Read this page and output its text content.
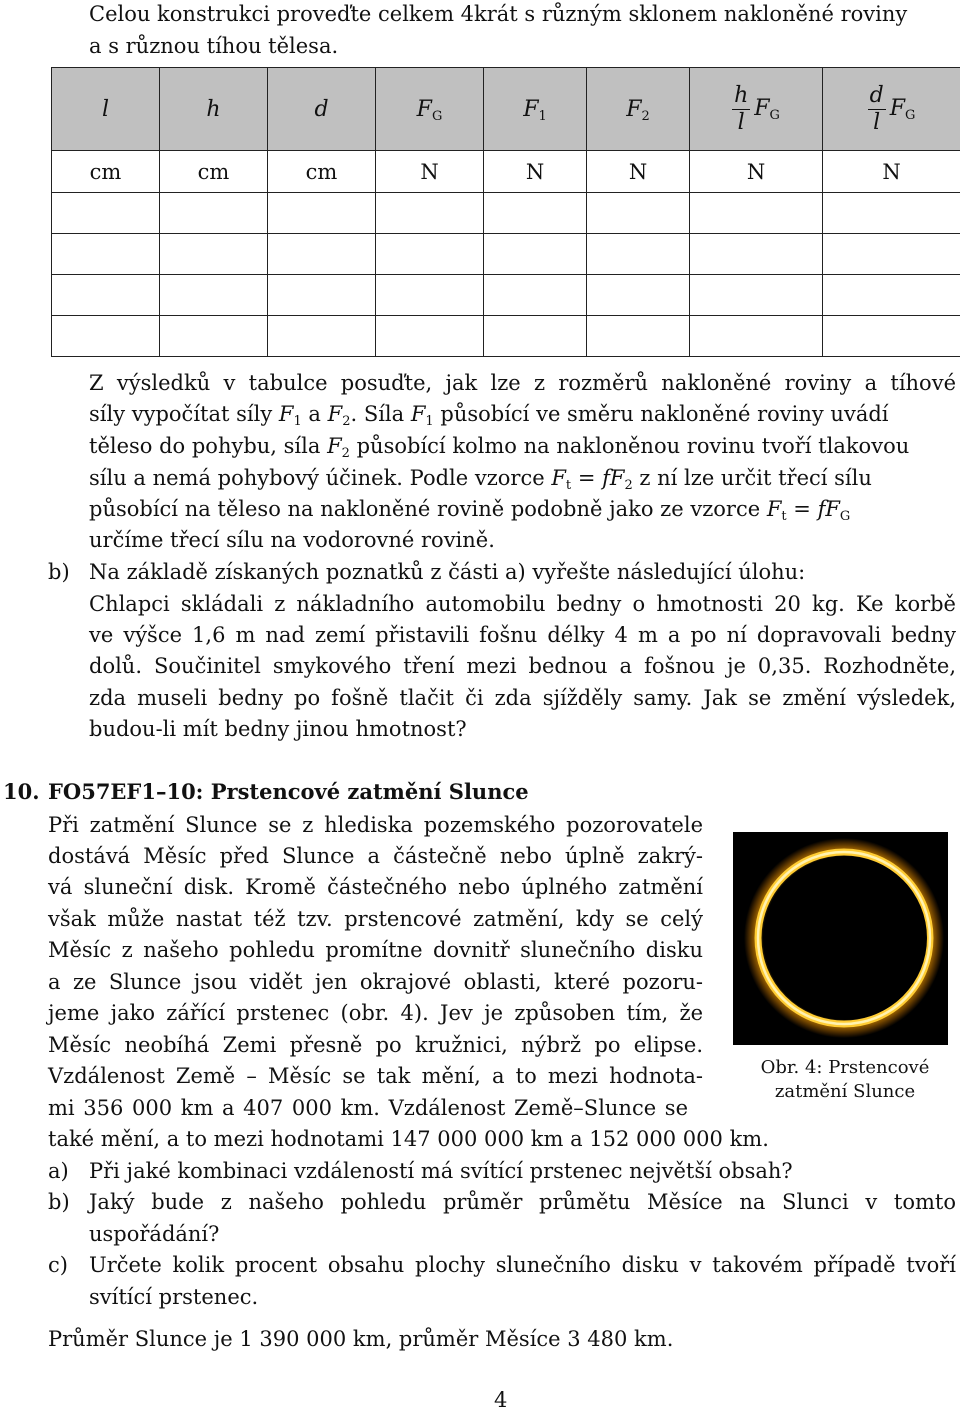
Celou konstrukci proveďte celkem 4krát s různým sklonem nakloněné roviny
a s různou tíhou tělesa.
l	h	d	$F_G$	$F_1$	$F_2$	$\frac{h}{l} F_G$	$\frac{d}{l} F_G$
cm	cm	cm	N	N	N	N	N

Z výsledků v tabulce posuďte, jak lze z rozměrů nakloněné roviny a tíhové
síly vypočítat síly $F_1$ a $F_2$. Síla $F_1$ působící ve směru nakloněné roviny uvádí
těleso do pohybu, síla $F_2$ působící kolmo na nakloněnou rovinu tvoří tlakovou
sílu a nemá pohybový účinek. Podle vzorce $F_t = fF_2$ z ní lze určit třecí sílu
působící na těleso na nakloněné rovině podobně jako ze vzorce $F_t = fF_G$
určíme třecí sílu na vodorovné rovině.
b) Na základě získaných poznatků z části a) vyřešte následující úlohu:
Chlapci skládali z nákladního automobilu bedny o hmotnosti 20 kg. Ke korbě
ve výšce 1,6 m nad zemí přistavili fošnu délky 4 m a po ní dopravovali bedny
dolů. Součinitel smykového tření mezi bednou a fošnou je 0,35. Rozhodněte,
zda museli bedny po fošně tlačit či zda sjížděly samy. Jak se změní výsledek,
budou-li mít bedny jinou hmotnost?
10. FO57EF1–10: Prstencové zatmění Slunce
Při zatmění Slunce se z hlediska pozemského pozorovatele
dostává Měsíc před Slunce a částečně nebo úplně zakrý-
vá sluneční disk. Kromě částečného nebo úplného zatmění
však může nastat též tzv. prstencové zatmění, kdy se celý
Měsíc z našeho pohledu promítne dovnitř slunečního disku
a ze Slunce jsou vidět jen okrajové oblasti, které pozoru-
jeme jako zářící prstenec (obr. 4). Jev je způsoben tím, že
Měsíc neobíhá Zemi přesně po kružnici, nýbrž po elipse.
Vzdálenost Země – Měsíc se tak mění, a to mezi hodnota-
mi 356 000 km a 407 000 km. Vzdálenost Země–Slunce se
také mění, a to mezi hodnotami 147 000 000 km a 152 000 000 km.
Obr. 4: Prstencové
zatmění Slunce
a) Při jaké kombinaci vzdáleností má svítící prstenec největší obsah?
b) Jaký bude z našeho pohledu průměr průmětu Měsíce na Slunci v tomto
uspořádání?
c) Určete kolik procent obsahu plochy slunečního disku v takovém případě tvoří
svítící prstenec.
Průměr Slunce je 1 390 000 km, průměr Měsíce 3 480 km.
4
